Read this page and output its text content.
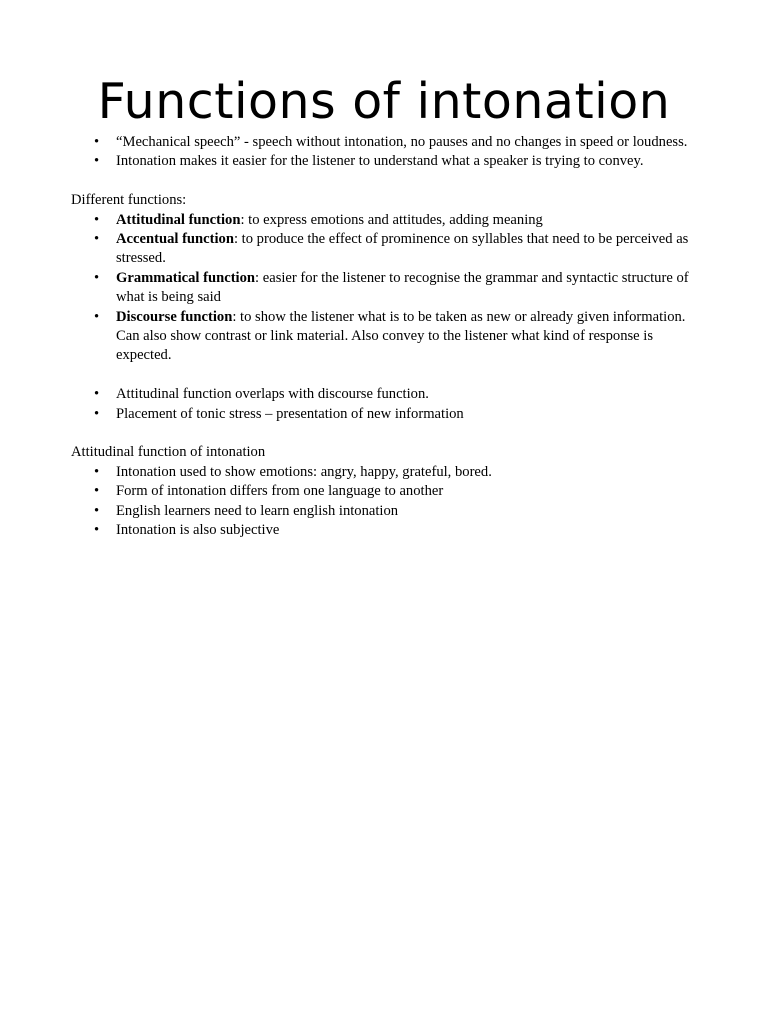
Functions of intonation
• “Mechanical speech” - speech without intonation, no pauses and no changes in speed or loudness.
• Intonation makes it easier for the listener to understand what a speaker is trying to convey.

Different functions:

• Attitudinal function: to express emotions and attitudes, adding meaning
• Accentual function: to produce the effect of prominence on syllables that need to be perceived as stressed.
• Grammatical function: easier for the listener to recognise the grammar and syntactic structure of what is being said
• Discourse function: to show the listener what is to be taken as new or already given information. Can also show contrast or link material. Also convey to the listener what kind of response is expected.
• Attitudinal function overlaps with discourse function.
• Placement of tonic stress – presentation of new information

Attitudinal function of intonation

• Intonation used to show emotions: angry, happy, grateful, bored.
• Form of intonation differs from one language to another
• English learners need to learn english intonation
• Intonation is also subjective
